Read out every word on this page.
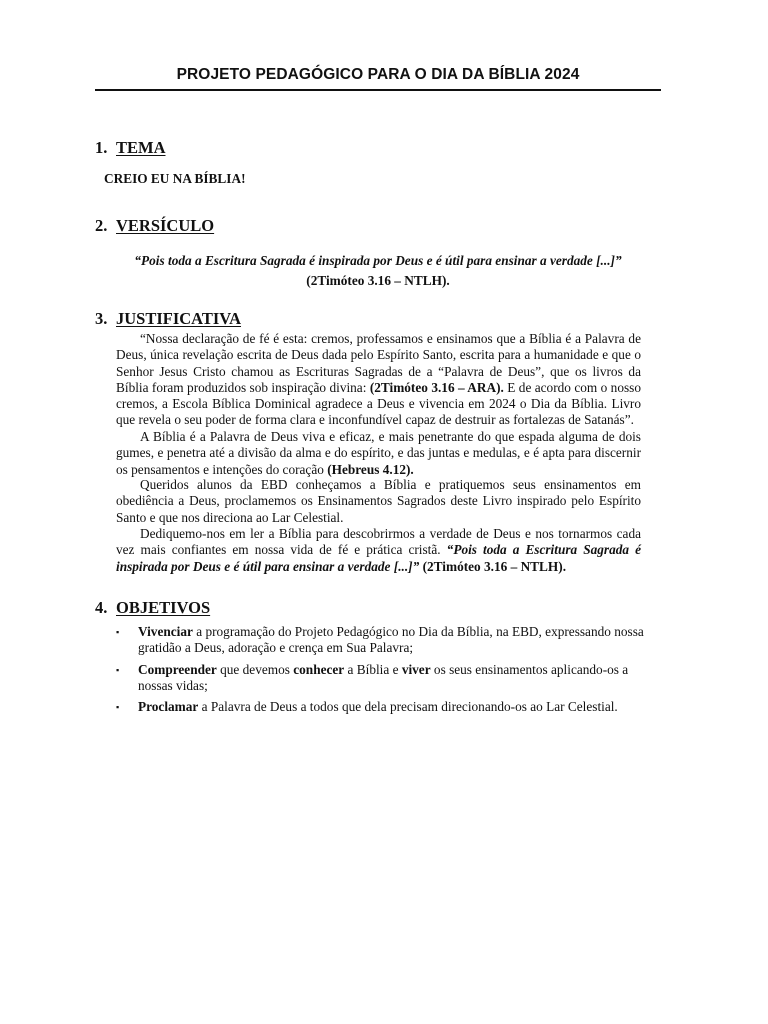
PROJETO PEDAGÓGICO PARA O DIA DA BÍBLIA 2024
1. TEMA
CREIO EU NA BÍBLIA!
2. VERSÍCULO
“Pois toda a Escritura Sagrada é inspirada por Deus e é útil para ensinar a verdade [...]”
(2Timóteo 3.16 – NTLH).
3. JUSTIFICATIVA
“Nossa declaração de fé é esta: cremos, professamos e ensinamos que a Bíblia é a Palavra de Deus, única revelação escrita de Deus dada pelo Espírito Santo, escrita para a humanidade e que o Senhor Jesus Cristo chamou as Escrituras Sagradas de a “Palavra de Deus”, que os livros da Bíblia foram produzidos sob inspiração divina: (2Timóteo 3.16 – ARA). E de acordo com o nosso cremos, a Escola Bíblica Dominical agradece a Deus e vivencia em 2024 o Dia da Bíblia. Livro que revela o seu poder de forma clara e inconfundível capaz de destruir as fortalezas de Satanás”.
A Bíblia é a Palavra de Deus viva e eficaz, e mais penetrante do que espada alguma de dois gumes, e penetra até a divisão da alma e do espírito, e das juntas e medulas, e é apta para discernir os pensamentos e intenções do coração (Hebreus 4.12).
Queridos alunos da EBD conheçamos a Bíblia e pratiquemos seus ensinamentos em obediência a Deus, proclamemos os Ensinamentos Sagrados deste Livro inspirado pelo Espírito Santo e que nos direciona ao Lar Celestial.
Dediquemo-nos em ler a Bíblia para descobrirmos a verdade de Deus e nos tornarmos cada vez mais confiantes em nossa vida de fé e prática cristã. “Pois toda a Escritura Sagrada é inspirada por Deus e é útil para ensinar a verdade [...]” (2Timóteo 3.16 – NTLH).
4. OBJETIVOS
▪ Vivenciar a programação do Projeto Pedagógico no Dia da Bíblia, na EBD, expressando nossa gratidão a Deus, adoração e crença em Sua Palavra;
▪ Compreender que devemos conhecer a Bíblia e viver os seus ensinamentos aplicando-os a nossas vidas;
▪ Proclamar a Palavra de Deus a todos que dela precisam direcionando-os ao Lar Celestial.
